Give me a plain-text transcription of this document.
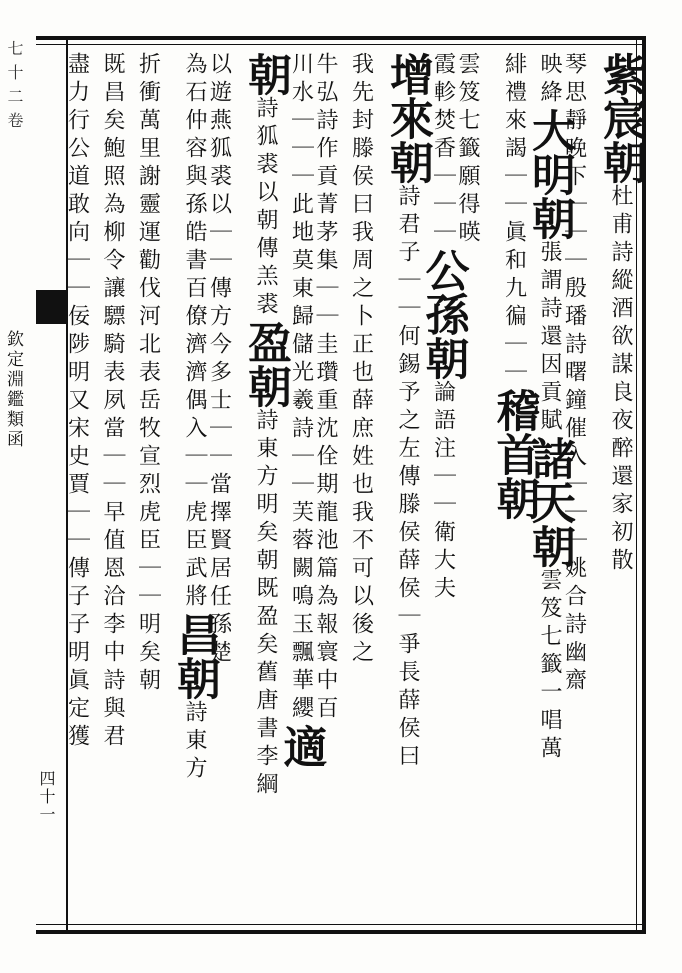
七十二卷
欽定淵鑑類函
四十一
紫宸朝杜甫詩縱酒欲謀良夜醉還家初散
琴思靜晚下｜｜｜殷璠詩曙鐘催入｜｜｜姚合詩幽齋
映絳大明朝張謂詩還因貢賦諸天朝雲笈七籤一唱萬
緋禮來謁｜｜眞和九徧｜｜稽首朝
雲笈七籤願得暎
霞軫焚香｜｜｜公孫朝論語注｜｜衛大夫
增來朝詩君子｜｜何錫予之左傳滕侯薛侯｜爭長薛侯曰
我先封滕侯曰我周之卜正也薛庶姓也我不可以後之
牛弘詩作貢菁茅集｜｜圭瓚重沈佺期龍池篇為報寰中百
川水｜｜｜此地莫東歸儲光羲詩｜｜芙蓉闕鳴玉飄華纓適
朝詩狐裘以朝傳羔裘盈朝詩東方明矣朝既盈矣舊唐書李綱
以遊燕狐裘以｜｜傳方今多士｜｜當擇賢居任孫楚
為石仲容與孫皓書百僚濟濟偶入｜｜虎臣武將昌朝詩東方
折衝萬里謝靈運勸伐河北表岳牧宣烈虎臣｜｜明矣朝
既昌矣鮑照為柳令讓驃騎表夙當｜｜早值恩洽李中詩與君
盡力行公道敢向｜｜佞陟明又宋史賈｜｜傳子子明眞定獲
